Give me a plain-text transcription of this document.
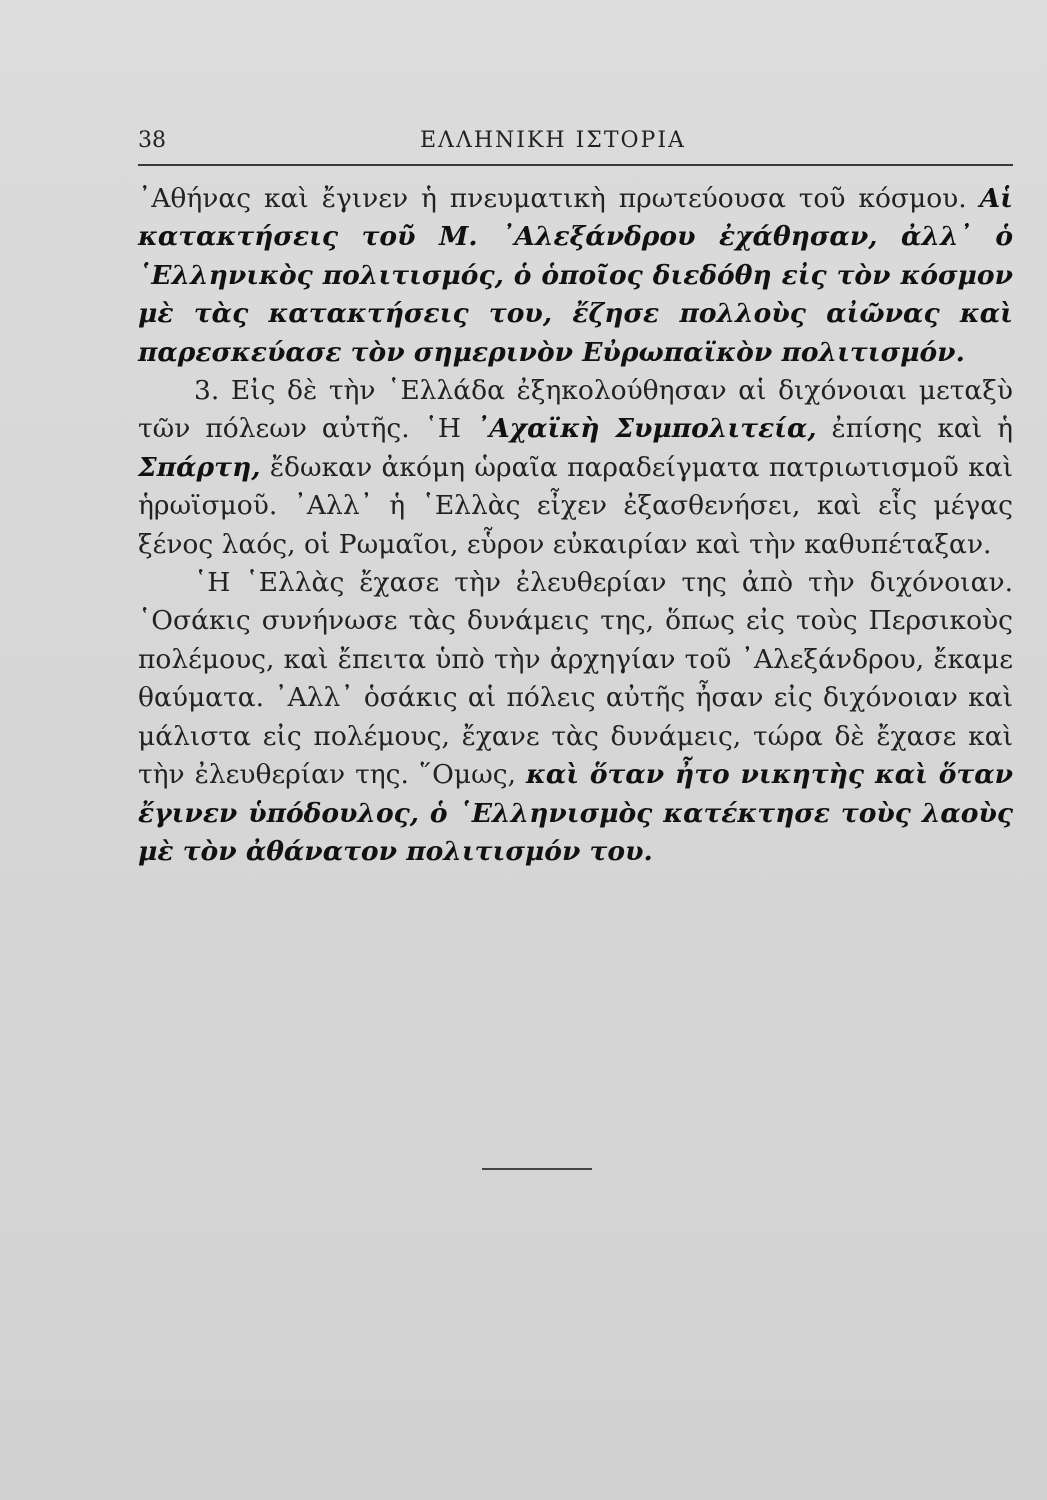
38	ΕΛΛΗΝΙΚΗ ΙΣΤΟΡΙΑ

᾿Αθήνας καὶ ἔγινεν ἡ πνευματικὴ πρωτεύουσα τοῦ κόσμου. Αἱ κατακτήσεις τοῦ Μ. ᾿Αλεξάνδρου ἐχάθησαν, ἀλλ᾿ ὁ ῾Ελληνικὸς πολιτισμός, ὁ ὁποῖος διεδόθη εἰς τὸν κόσμον μὲ τὰς κατακτήσεις του, ἔζησε πολλοὺς αἰῶνας καὶ παρεσκεύασε τὸν σημερινὸν Εὐρωπαϊκὸν πολιτισμόν.

3. Εἰς δὲ τὴν ῾Ελλάδα ἐξηκολούθησαν αἱ διχόνοιαι μεταξὺ τῶν πόλεων αὐτῆς. ῾Η ᾿Αχαϊκὴ Συμπολιτεία, ἐπίσης καὶ ἡ Σπάρτη, ἔδωκαν ἀκόμη ὡραῖα παραδείγματα πατριωτισμοῦ καὶ ἡρωϊσμοῦ. ᾿Αλλ᾿ ἡ ῾Ελλὰς εἶχεν ἐξασθενήσει, καὶ εἷς μέγας ξένος λαός, οἱ Ρωμαῖοι, εὗρον εὐκαιρίαν καὶ τὴν καθυπέταξαν.

῾Η ῾Ελλὰς ἔχασε τὴν ἐλευθερίαν της ἀπὸ τὴν διχόνοιαν. ῾Οσάκις συνήνωσε τὰς δυνάμεις της, ὅπως εἰς τοὺς Περσικοὺς πολέμους, καὶ ἔπειτα ὑπὸ τὴν ἀρχηγίαν τοῦ ᾿Αλεξάνδρου, ἔκαμε θαύματα. ᾿Αλλ᾿ ὁσάκις αἱ πόλεις αὐτῆς ἦσαν εἰς διχόνοιαν καὶ μάλιστα εἰς πολέμους, ἔχανε τὰς δυνάμεις, τώρα δὲ ἔχασε καὶ τὴν ἐλευθερίαν της. ῞Ομως, καὶ ὅταν ἦτο νικητὴς καὶ ὅταν ἔγινεν ὑπόδουλος, ὁ ῾Ελληνισμὸς κατέκτησε τοὺς λαοὺς μὲ τὸν ἀθάνατον πολιτισμόν του.
